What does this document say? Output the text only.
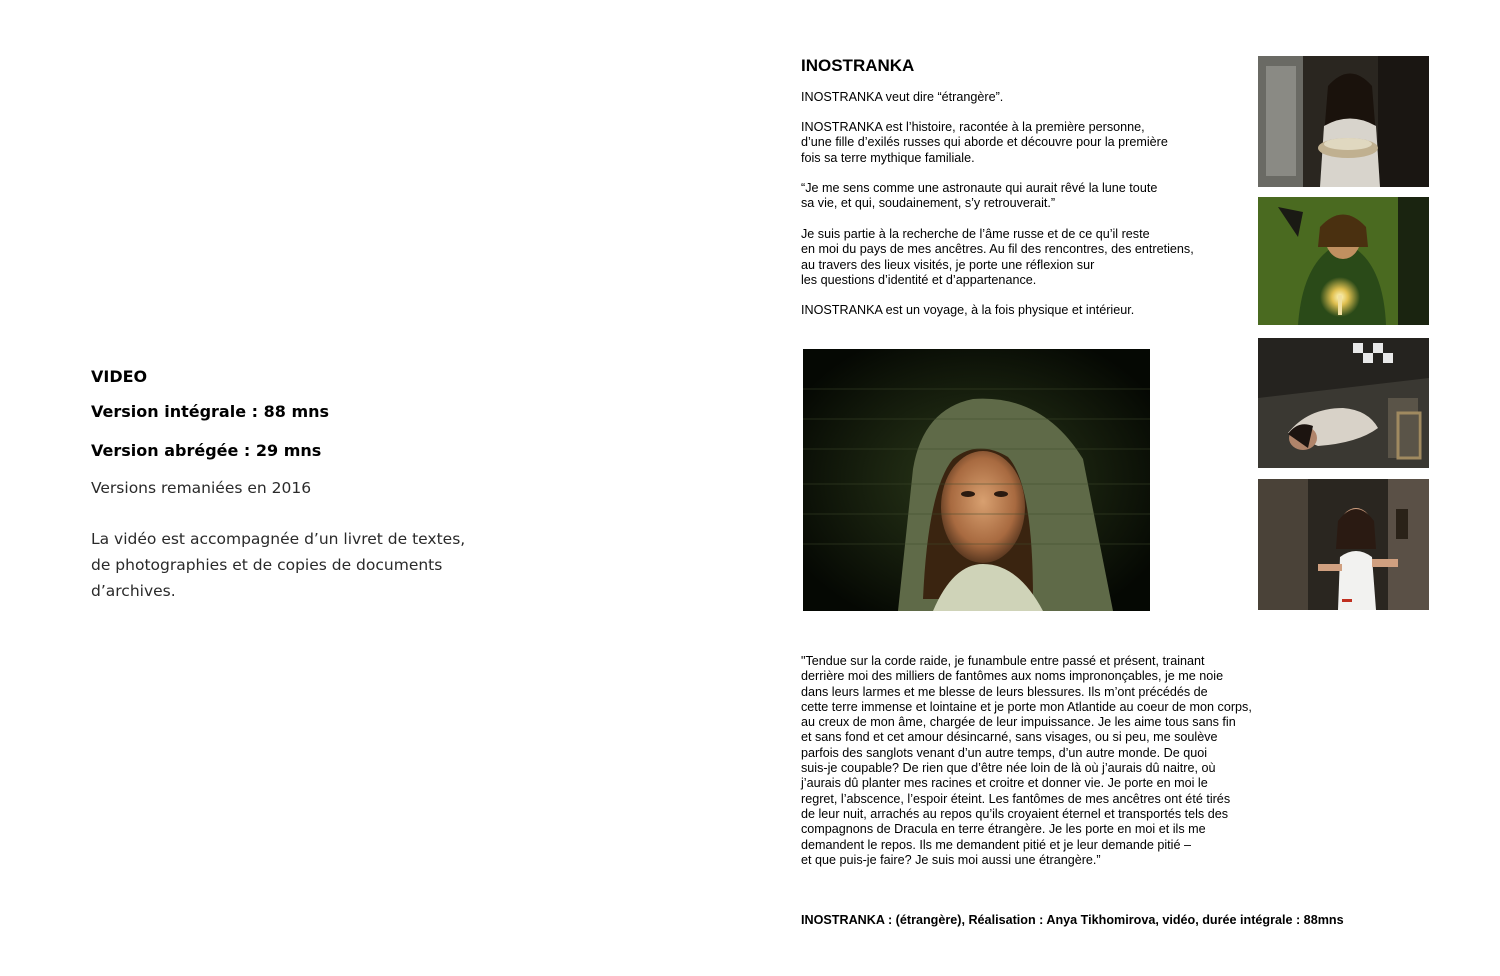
VIDEO
Version intégrale : 88 mns
Version abrégée : 29 mns
Versions remaniées en 2016
La vidéo est accompagnée d’un livret de textes,
de photographies et de copies de documents
d’archives.
INOSTRANKA
INOSTRANKA veut dire “étrangère”.
INOSTRANKA est l’histoire, racontée à la première personne,
d’une fille d’exilés russes qui aborde et découvre pour la première
fois sa terre mythique familiale.
“Je me sens comme une astronaute qui aurait rêvé la lune toute
sa vie, et qui, soudainement, s’y retrouverait.”
Je suis partie à la recherche de l’âme russe et de ce qu’il reste
en moi du pays de mes ancêtres. Au fil des rencontres, des entretiens,
au travers des lieux visités, je porte une réflexion sur
les questions d’identité et d’appartenance.
INOSTRANKA est un voyage, à la fois physique et intérieur.
"Tendue sur la corde raide, je funambule entre passé et présent, trainant
derrière moi des milliers de fantômes aux noms imprononçables, je me noie
dans leurs larmes et me blesse de leurs blessures. Ils m’ont précédés de
cette terre immense et lointaine et je porte mon Atlantide au coeur de mon corps,
au creux de mon âme, chargée de leur impuissance. Je les aime tous sans fin
et sans fond et cet amour désincarné, sans visages, ou si peu, me soulève
parfois des sanglots venant d’un autre temps, d’un autre monde. De quoi
suis-je coupable? De rien que d’être née loin de là où j’aurais dû naitre, où
j’aurais dû planter mes racines et croitre et donner vie. Je porte en moi le
regret, l’abscence, l’espoir éteint. Les fantômes de mes ancêtres ont été tirés
de leur nuit, arrachés au repos qu’ils croyaient éternel et transportés tels des
compagnons de Dracula en terre étrangère. Je les porte en moi et ils me
demandent le repos. Ils me demandent pitié et je leur demande pitié –
et que puis-je faire? Je suis moi aussi une étrangère.”
INOSTRANKA : (étrangère), Réalisation : Anya Tikhomirova, vidéo, durée intégrale : 88mns
